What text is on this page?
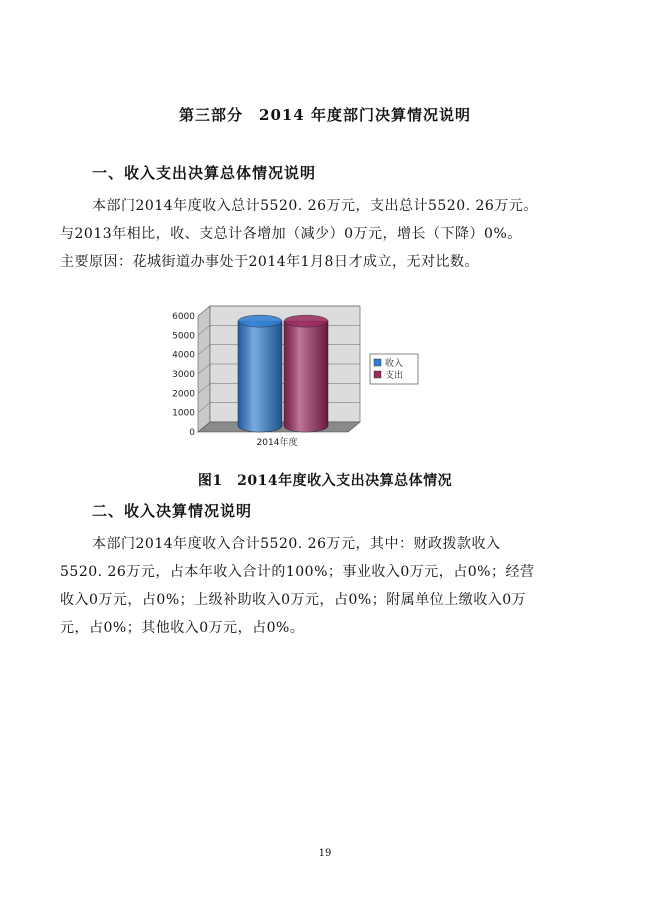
第三部分　2014 年度部门决算情况说明
一、收入支出决算总体情况说明
本部门2014年度收入总计5520. 26万元，支出总计5520. 26万元。
与2013年相比，收、支总计各增加（减少）0万元，增长（下降）0%。
主要原因：花城街道办事处于2014年1月8日才成立，无对比数。
0
1000
2000
3000
4000
5000
6000
2014年度
收入
支出
图1　2014年度收入支出决算总体情况
二、收入决算情况说明
本部门2014年度收入合计5520. 26万元，其中：财政拨款收入
5520. 26万元，占本年收入合计的100%；事业收入0万元，占0%；经营
收入0万元，占0%；上级补助收入0万元，占0%；附属单位上缴收入0万
元，占0%；其他收入0万元，占0%。
19
